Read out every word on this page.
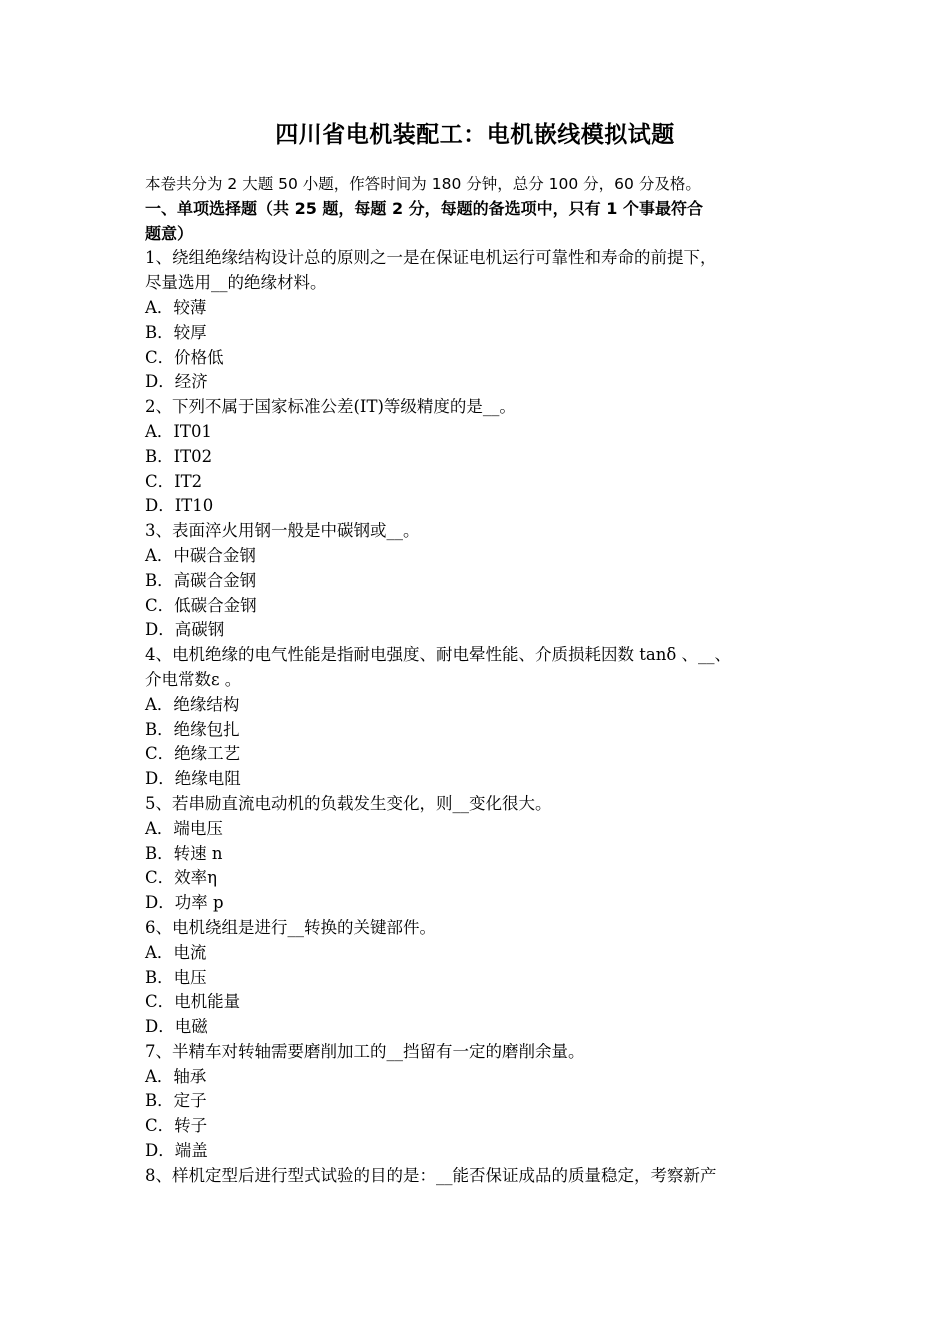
四川省电机装配工：电机嵌线模拟试题
本卷共分为 2 大题 50 小题，作答时间为 180 分钟，总分 100 分，60 分及格。
一、单项选择题（共 25 题，每题 2 分，每题的备选项中，只有 1 个事最符合
题意）
1、绕组绝缘结构设计总的原则之一是在保证电机运行可靠性和寿命的前提下，
尽量选用__的绝缘材料。
A．较薄
B．较厚
C．价格低
D．经济
2、下列不属于国家标准公差(IT)等级精度的是__。
A．IT01
B．IT02
C．IT2
D．IT10
3、表面淬火用钢一般是中碳钢或__。
A．中碳合金钢
B．高碳合金钢
C．低碳合金钢
D．高碳钢
4、电机绝缘的电气性能是指耐电强度、耐电晕性能、介质损耗因数 tanδ 、__、
介电常数ε 。
A．绝缘结构
B．绝缘包扎
C．绝缘工艺
D．绝缘电阻
5、若串励直流电动机的负载发生变化，则__变化很大。
A．端电压
B．转速 n
C．效率η
D．功率 p
6、电机绕组是进行__转换的关键部件。
A．电流
B．电压
C．电机能量
D．电磁
7、半精车对转轴需要磨削加工的__挡留有一定的磨削余量。
A．轴承
B．定子
C．转子
D．端盖
8、样机定型后进行型式试验的目的是：__能否保证成品的质量稳定，考察新产
